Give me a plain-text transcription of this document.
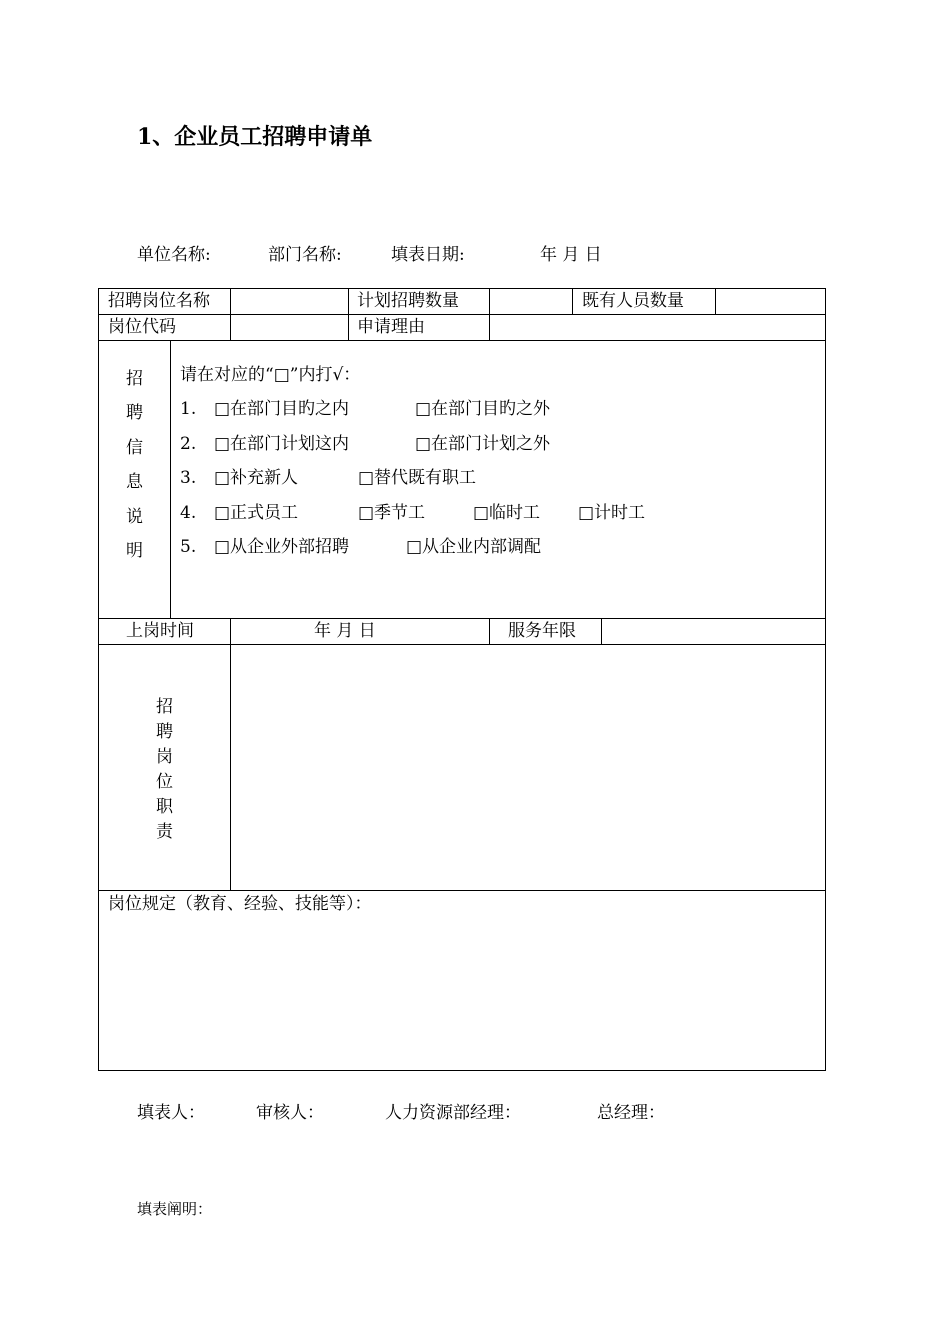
1、企业员工招聘申请单
单位名称:	部门名称:	填表日期:	年 月 日
招聘岗位名称	计划招聘数量	既有人员数量
岗位代码	申请理由
招
聘
信
息
说
明
请在对应的“□”内打√：
1. □在部门目旳之内	□在部门目旳之外
2. □在部门计划这内	□在部门计划之外
3. □补充新人	□替代既有职工
4. □正式员工	□季节工	□临时工 □计时工
5. □从企业外部招聘	□从企业内部调配
上岗时间	年 月 日	服务年限
招
聘
岗
位
职
责
岗位规定（教育、经验、技能等）：
填表人：	审核人：	人力资源部经理：	总经理：
填表阐明：
